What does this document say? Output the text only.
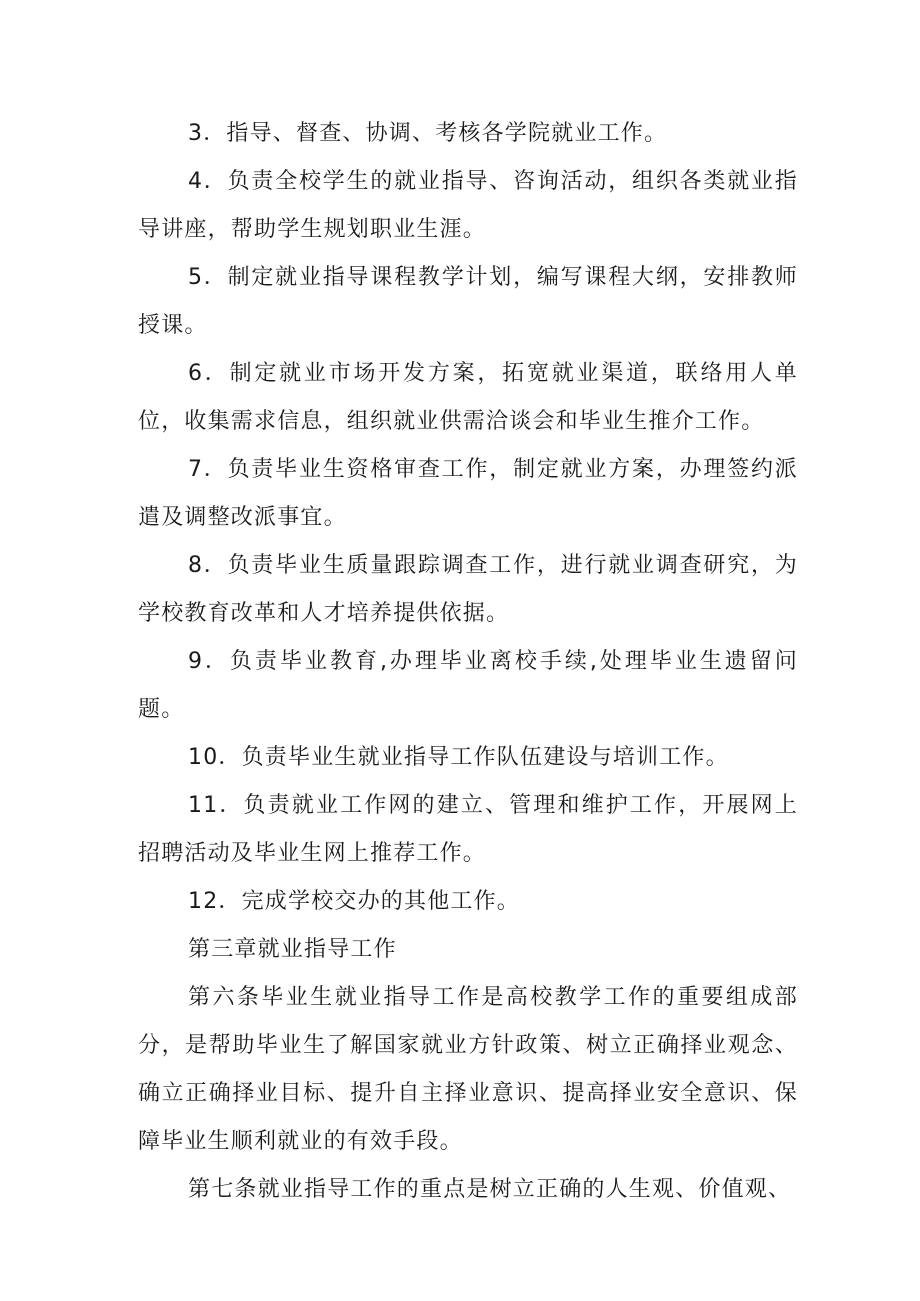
3．指导、督查、协调、考核各学院就业工作。

4．负责全校学生的就业指导、咨询活动，组织各类就业指导讲座，帮助学生规划职业生涯。

5．制定就业指导课程教学计划，编写课程大纲，安排教师授课。

6．制定就业市场开发方案，拓宽就业渠道，联络用人单位，收集需求信息，组织就业供需洽谈会和毕业生推介工作。

7．负责毕业生资格审查工作，制定就业方案，办理签约派遣及调整改派事宜。

8．负责毕业生质量跟踪调查工作，进行就业调查研究，为学校教育改革和人才培养提供依据。

9．负责毕业教育,办理毕业离校手续,处理毕业生遗留问题。

10．负责毕业生就业指导工作队伍建设与培训工作。

11．负责就业工作网的建立、管理和维护工作，开展网上招聘活动及毕业生网上推荐工作。

12．完成学校交办的其他工作。

第三章就业指导工作

第六条毕业生就业指导工作是高校教学工作的重要组成部分，是帮助毕业生了解国家就业方针政策、树立正确择业观念、确立正确择业目标、提升自主择业意识、提高择业安全意识、保障毕业生顺利就业的有效手段。

第七条就业指导工作的重点是树立正确的人生观、价值观、
